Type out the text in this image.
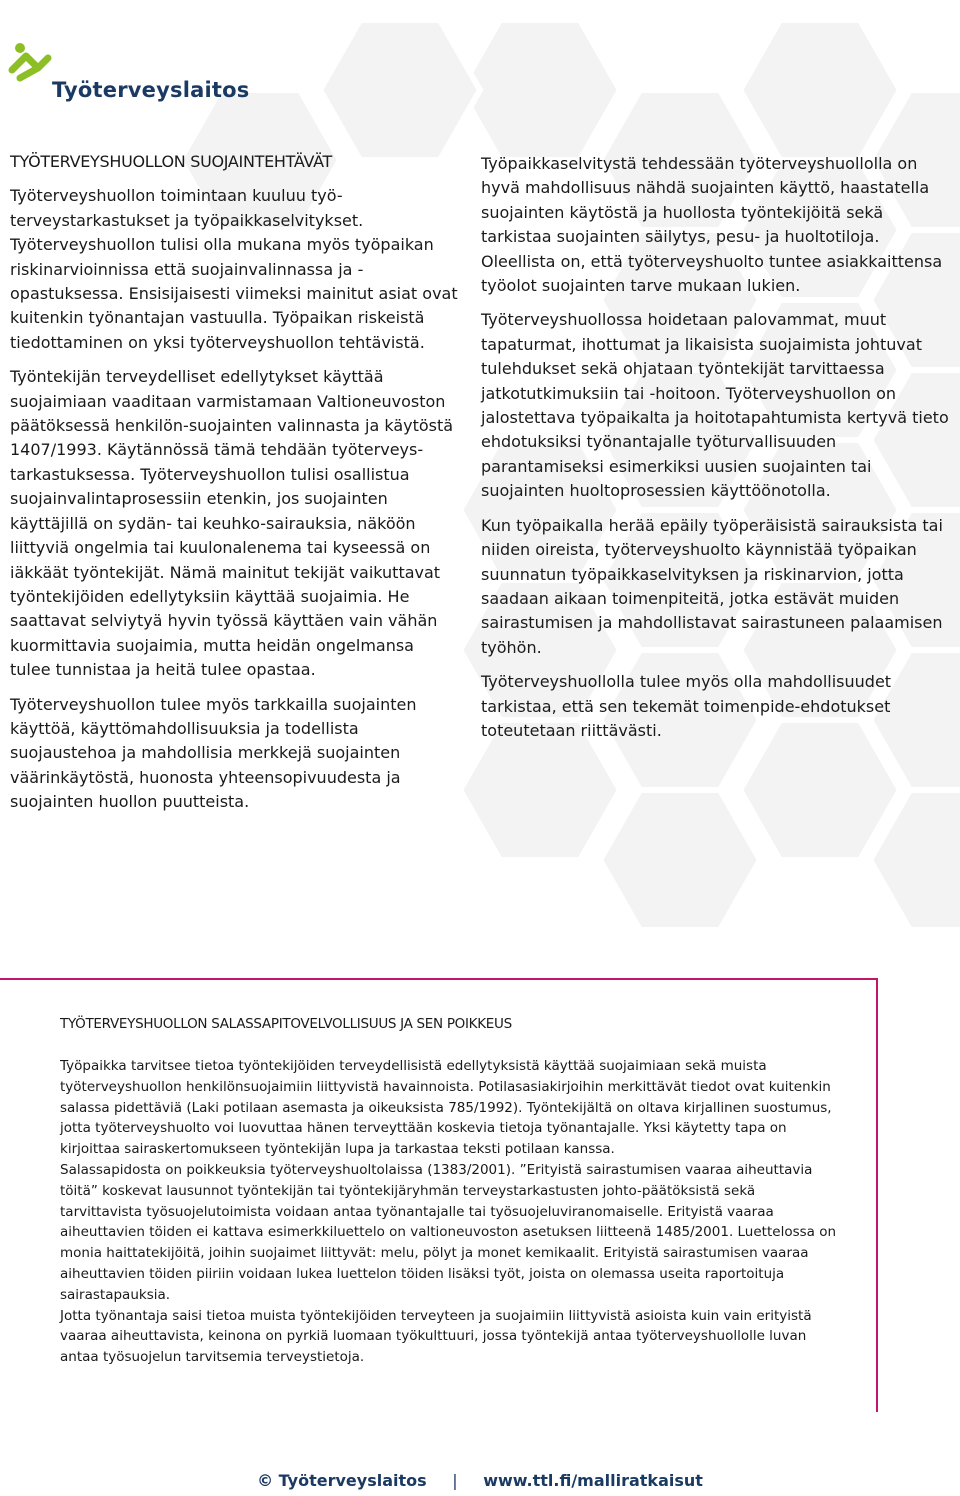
Työterveyslaitos

TYÖTERVEYSHUOLLON SUOJAINTEHTÄVÄT

Työterveyshuollon toimintaan kuuluu työ-terveystarkastukset ja työpaikkaselvitykset. Työterveyshuollon tulisi olla mukana myös työpaikan riskinarvioinnissa että suojainvalinnassa ja -opastuksessa. Ensisijaisesti viimeksi mainitut asiat ovat kuitenkin työnantajan vastuulla. Työpaikan riskeistä tiedottaminen on yksi työterveyshuollon tehtävistä.

Työntekijän terveydelliset edellytykset käyttää suojaimiaan vaaditaan varmistamaan Valtioneuvoston päätöksessä henkilön-suojainten valinnasta ja käytöstä 1407/1993. Käytännössä tämä tehdään työterveys-tarkastuksessa. Työterveyshuollon tulisi osallistua suojainvalintaprosessiin etenkin, jos suojainten käyttäjillä on sydän- tai keuhko-sairauksia, näköön liittyviä ongelmia tai kuulonalenema tai kyseessä on iäkkäät työntekijät. Nämä mainitut tekijät vaikuttavat työntekijöiden edellytyksiin käyttää suojaimia. He saattavat selviytyä hyvin työssä käyttäen vain vähän kuormittavia suojaimia, mutta heidän ongelmansa tulee tunnistaa ja heitä tulee opastaa.

Työterveyshuollon tulee myös tarkkailla suojainten käyttöä, käyttömahdollisuuksia ja todellista suojaustehoa ja mahdollisia merkkejä suojainten väärinkäytöstä, huonosta yhteensopivuudesta ja suojainten huollon puutteista.

Työpaikkaselvitystä tehdessään työterveyshuollolla on hyvä mahdollisuus nähdä suojainten käyttö, haastatella suojainten käytöstä ja huollosta työntekijöitä sekä tarkistaa suojainten säilytys, pesu- ja huoltotiloja. Oleellista on, että työterveyshuolto tuntee asiakkaittensa työolot suojainten tarve mukaan lukien.

Työterveyshuollossa hoidetaan palovammat, muut tapaturmat, ihottumat ja likaisista suojaimista johtuvat tulehdukset sekä ohjataan työntekijät tarvittaessa jatkotutkimuksiin tai -hoitoon. Työterveyshuollon on jalostettava työpaikalta ja hoitotapahtumista kertyvä tieto ehdotuksiksi työnantajalle työturvallisuuden parantamiseksi esimerkiksi uusien suojainten tai suojainten huoltoprosessien käyttöönotolla.

Kun työpaikalla herää epäily työperäisistä sairauksista tai niiden oireista, työterveyshuolto käynnistää työpaikan suunnatun työpaikkaselvityksen ja riskinarvion, jotta saadaan aikaan toimenpiteitä, jotka estävät muiden sairastumisen ja mahdollistavat sairastuneen palaamisen työhön.

Työterveyshuollolla tulee myös olla mahdollisuudet tarkistaa, että sen tekemät toimenpide-ehdotukset toteutetaan riittävästi.

TYÖTERVEYSHUOLLON SALASSAPITOVELVOLLISUUS JA SEN POIKKEUS

Työpaikka tarvitsee tietoa työntekijöiden terveydellisistä edellytyksistä käyttää suojaimiaan sekä muista työterveyshuollon henkilönsuojaimiin liittyvistä havainnoista. Potilasasiakirjoihin merkittävät tiedot ovat kuitenkin salassa pidettäviä (Laki potilaan asemasta ja oikeuksista 785/1992). Työntekijältä on oltava kirjallinen suostumus, jotta työterveyshuolto voi luovuttaa hänen terveyttään koskevia tietoja työnantajalle. Yksi käytetty tapa on kirjoittaa sairaskertomukseen työntekijän lupa ja tarkastaa teksti potilaan kanssa.

Salassapidosta on poikkeuksia työterveyshuoltolaissa (1383/2001). ”Erityistä sairastumisen vaaraa aiheuttavia töitä” koskevat lausunnot työntekijän tai työntekijäryhmän terveystarkastusten johto-päätöksistä sekä tarvittavista työsuojelutoimista voidaan antaa työnantajalle tai työsuojeluviranomaiselle. Erityistä vaaraa aiheuttavien töiden ei kattava esimerkkiluettelo on valtioneuvoston asetuksen liitteenä 1485/2001. Luettelossa on monia haittatekijöitä, joihin suojaimet liittyvät: melu, pölyt ja monet kemikaalit. Erityistä sairastumisen vaaraa aiheuttavien töiden piiriin voidaan lukea luettelon töiden lisäksi työt, joista on olemassa useita raportoituja sairastapauksia.

Jotta työnantaja saisi tietoa muista työntekijöiden terveyteen ja suojaimiin liittyvistä asioista kuin vain erityistä vaaraa aiheuttavista, keinona on pyrkiä luomaan työkulttuuri, jossa työntekijä antaa työterveyshuollolle luvan antaa työsuojelun tarvitsemia terveystietoja.

© Työterveyslaitos | www.ttl.fi/malliratkaisut
